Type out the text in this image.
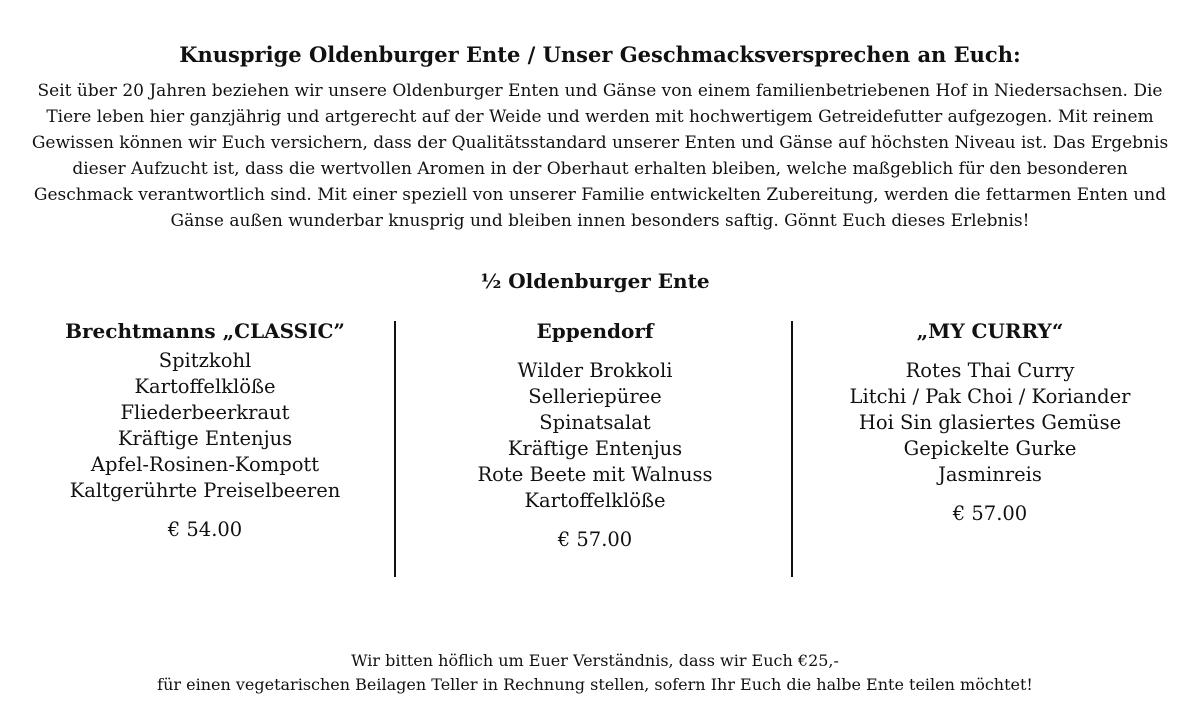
Knusprige Oldenburger Ente / Unser Geschmacksversprechen an Euch:

Seit über 20 Jahren beziehen wir unsere Oldenburger Enten und Gänse von einem familienbetriebenen Hof in Niedersachsen. Die Tiere leben hier ganzjährig und artgerecht auf der Weide und werden mit hochwertigem Getreidefutter aufgezogen. Mit reinem Gewissen können wir Euch versichern, dass der Qualitätsstandard unserer Enten und Gänse auf höchsten Niveau ist. Das Ergebnis dieser Aufzucht ist, dass die wertvollen Aromen in der Oberhaut erhalten bleiben, welche maßgeblich für den besonderen Geschmack verantwortlich sind. Mit einer speziell von unserer Familie entwickelten Zubereitung, werden die fettarmen Enten und Gänse außen wunderbar knusprig und bleiben innen besonders saftig. Gönnt Euch dieses Erlebnis!

½ Oldenburger Ente
Brechtmanns „CLASSIC”
Spitzkohl
Kartoffelklöße
Fliederbeerkraut
Kräftige Entenjus
Apfel-Rosinen-Kompott
Kaltgerührte Preiselbeeren
€ 54.00
Eppendorf
Wilder Brokkoli
Selleriepüree
Spinatsalat
Kräftige Entenjus
Rote Beete mit Walnuss
Kartoffelklöße
€ 57.00
„MY CURRY“
Rotes Thai Curry
Litchi / Pak Choi / Koriander
Hoi Sin glasiertes Gemüse
Gepickelte Gurke
Jasminreis
€ 57.00
Wir bitten höflich um Euer Verständnis, dass wir Euch €25,-
für einen vegetarischen Beilagen Teller in Rechnung stellen, sofern Ihr Euch die halbe Ente teilen möchtet!
